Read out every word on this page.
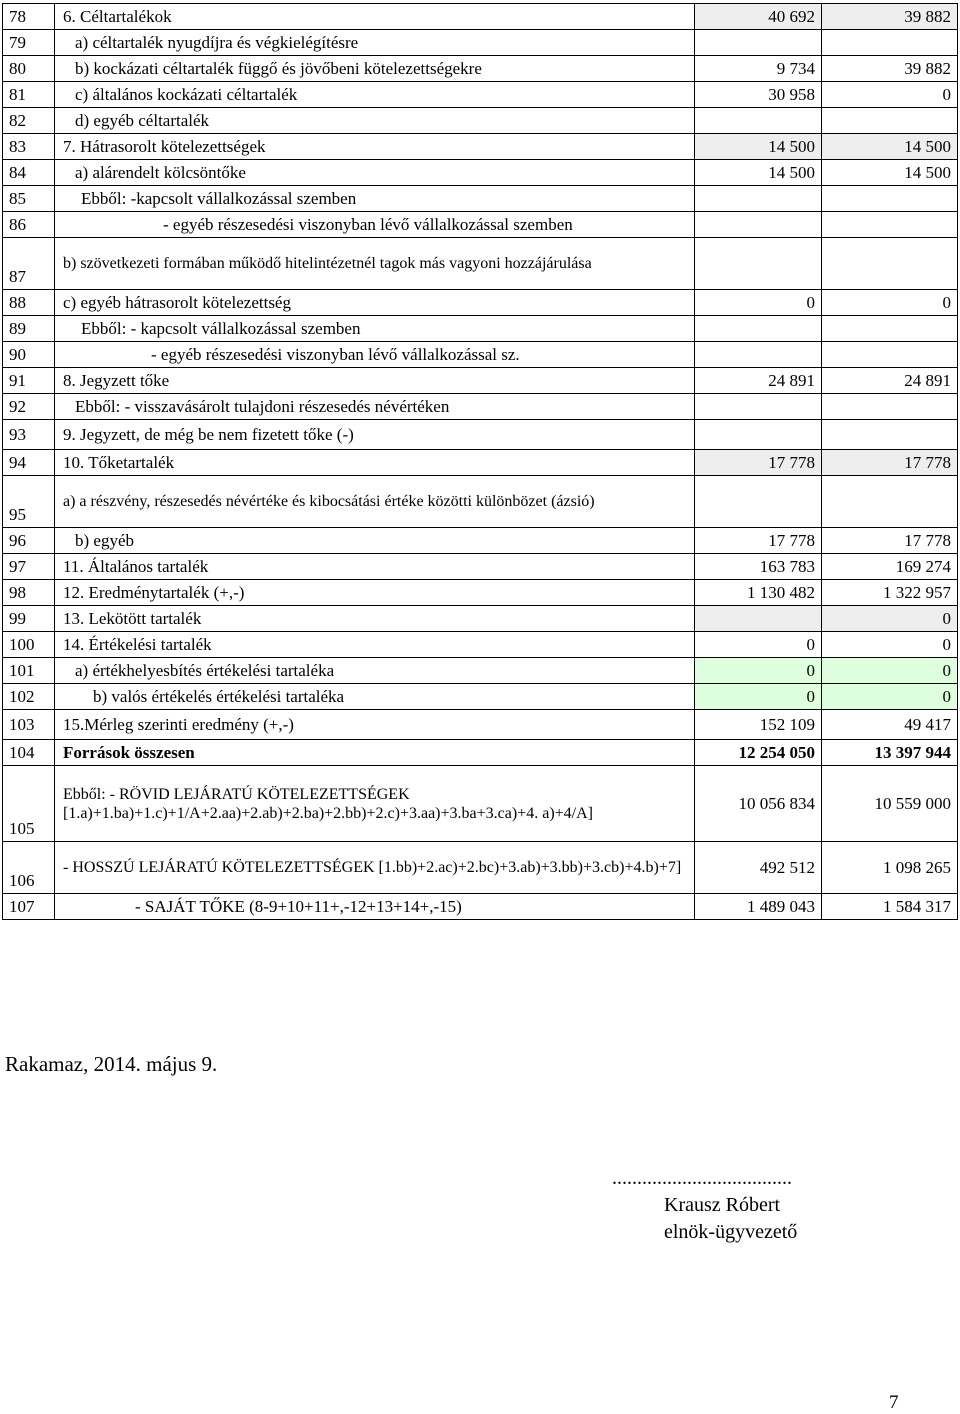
78	6. Céltartalékok	40 692	39 882
79	a) céltartalék nyugdíjra és végkielégítésre		
80	b) kockázati céltartalék függő és jövőbeni kötelezettségekre	9 734	39 882
81	c) általános kockázati céltartalék	30 958	0
82	d) egyéb céltartalék		
83	7. Hátrasorolt kötelezettségek	14 500	14 500
84	a) alárendelt kölcsöntőke	14 500	14 500
85	Ebből: -kapcsolt vállalkozással szemben		
86	- egyéb részesedési viszonyban lévő vállalkozással szemben		
87	b) szövetkezeti formában működő hitelintézetnél tagok más vagyoni hozzájárulása		
88	c) egyéb hátrasorolt kötelezettség	0	0
89	Ebből: - kapcsolt vállalkozással szemben		
90	- egyéb részesedési viszonyban lévő vállalkozással sz.		
91	8. Jegyzett tőke	24 891	24 891
92	Ebből: - visszavásárolt tulajdoni részesedés névértéken		
93	9. Jegyzett, de még be nem fizetett tőke (-)		
94	10. Tőketartalék	17 778	17 778
95	a) a részvény, részesedés névértéke és kibocsátási értéke közötti különbözet (ázsió)		
96	b) egyéb	17 778	17 778
97	11. Általános tartalék	163 783	169 274
98	12. Eredménytartalék (+,-)	1 130 482	1 322 957
99	13. Lekötött tartalék		0
100	14. Értékelési tartalék	0	0
101	a) értékhelyesbítés értékelési tartaléka	0	0
102	b) valós értékelés értékelési tartaléka	0	0
103	15.Mérleg szerinti eredmény (+,-)	152 109	49 417
104	Források összesen	12 254 050	13 397 944
105	Ebből: - RÖVID LEJÁRATÚ KÖTELEZETTSÉGEK [1.a)+1.ba)+1.c)+1/A+2.aa)+2.ab)+2.ba)+2.bb)+2.c)+3.aa)+3.ba+3.ca)+4. a)+4/A]	10 056 834	10 559 000
106	- HOSSZÚ LEJÁRATÚ KÖTELEZETTSÉGEK [1.bb)+2.ac)+2.bc)+3.ab)+3.bb)+3.cb)+4.b)+7]	492 512	1 098 265
107	- SAJÁT TŐKE (8-9+10+11+,-12+13+14+,-15)	1 489 043	1 584 317
Rakamaz, 2014. május 9.
....................................
Krausz Róbert
elnök-ügyvezető
7
